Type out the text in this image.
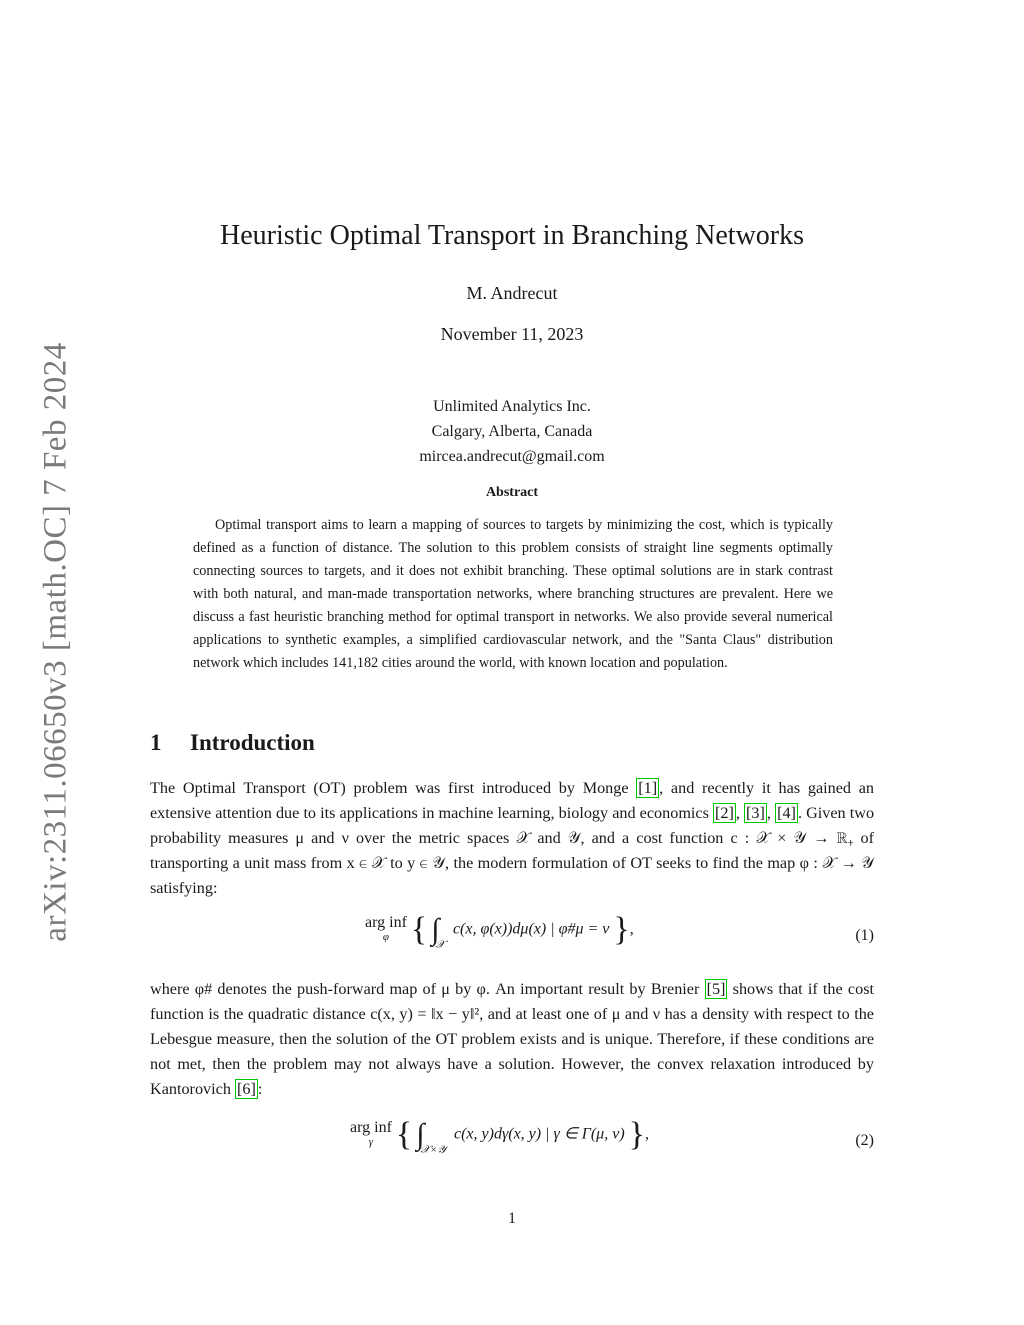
arXiv:2311.06650v3 [math.OC] 7 Feb 2024
Heuristic Optimal Transport in Branching Networks
M. Andrecut
November 11, 2023
Unlimited Analytics Inc.
Calgary, Alberta, Canada
mircea.andrecut@gmail.com
Abstract
Optimal transport aims to learn a mapping of sources to targets by minimizing the cost, which is typically defined as a function of distance. The solution to this problem consists of straight line segments optimally connecting sources to targets, and it does not exhibit branching. These optimal solutions are in stark contrast with both natural, and man-made transportation networks, where branching structures are prevalent. Here we discuss a fast heuristic branching method for optimal transport in networks. We also provide several numerical applications to synthetic examples, a simplified cardiovascular network, and the "Santa Claus" distribution network which includes 141,182 cities around the world, with known location and population.
1 Introduction
The Optimal Transport (OT) problem was first introduced by Monge [1] , and recently it has gained an extensive attention due to its applications in machine learning, biology and economics [2] , [3] , [4] . Given two probability measures μ and ν over the metric spaces 𝒳 and 𝒴, and a cost function c : 𝒳 × 𝒴 → ℝ₊ of transporting a unit mass from x ∈ 𝒳 to y ∈ 𝒴, the modern formulation of OT seeks to find the map φ : 𝒳 → 𝒴 satisfying:
arg inf
φ { $\int_𝒳$ c(x, φ(x))dμ(x) | φ#μ = ν },	(1)
where φ# denotes the push-forward map of μ by φ. An important result by Brenier [5] shows that if the cost function is the quadratic distance c(x, y) = ‖x − y‖², and at least one of μ and ν has a density with respect to the Lebesgue measure, then the solution of the OT problem exists and is unique. Therefore, if these conditions are not met, then the problem may not always have a solution. However, the convex relaxation introduced by Kantorovich [6] :
arg inf
γ { $\int_{𝒳\times 𝒴}$ c(x, y)dγ(x, y) | γ ∈ Γ(μ, ν) },	(2)
1
